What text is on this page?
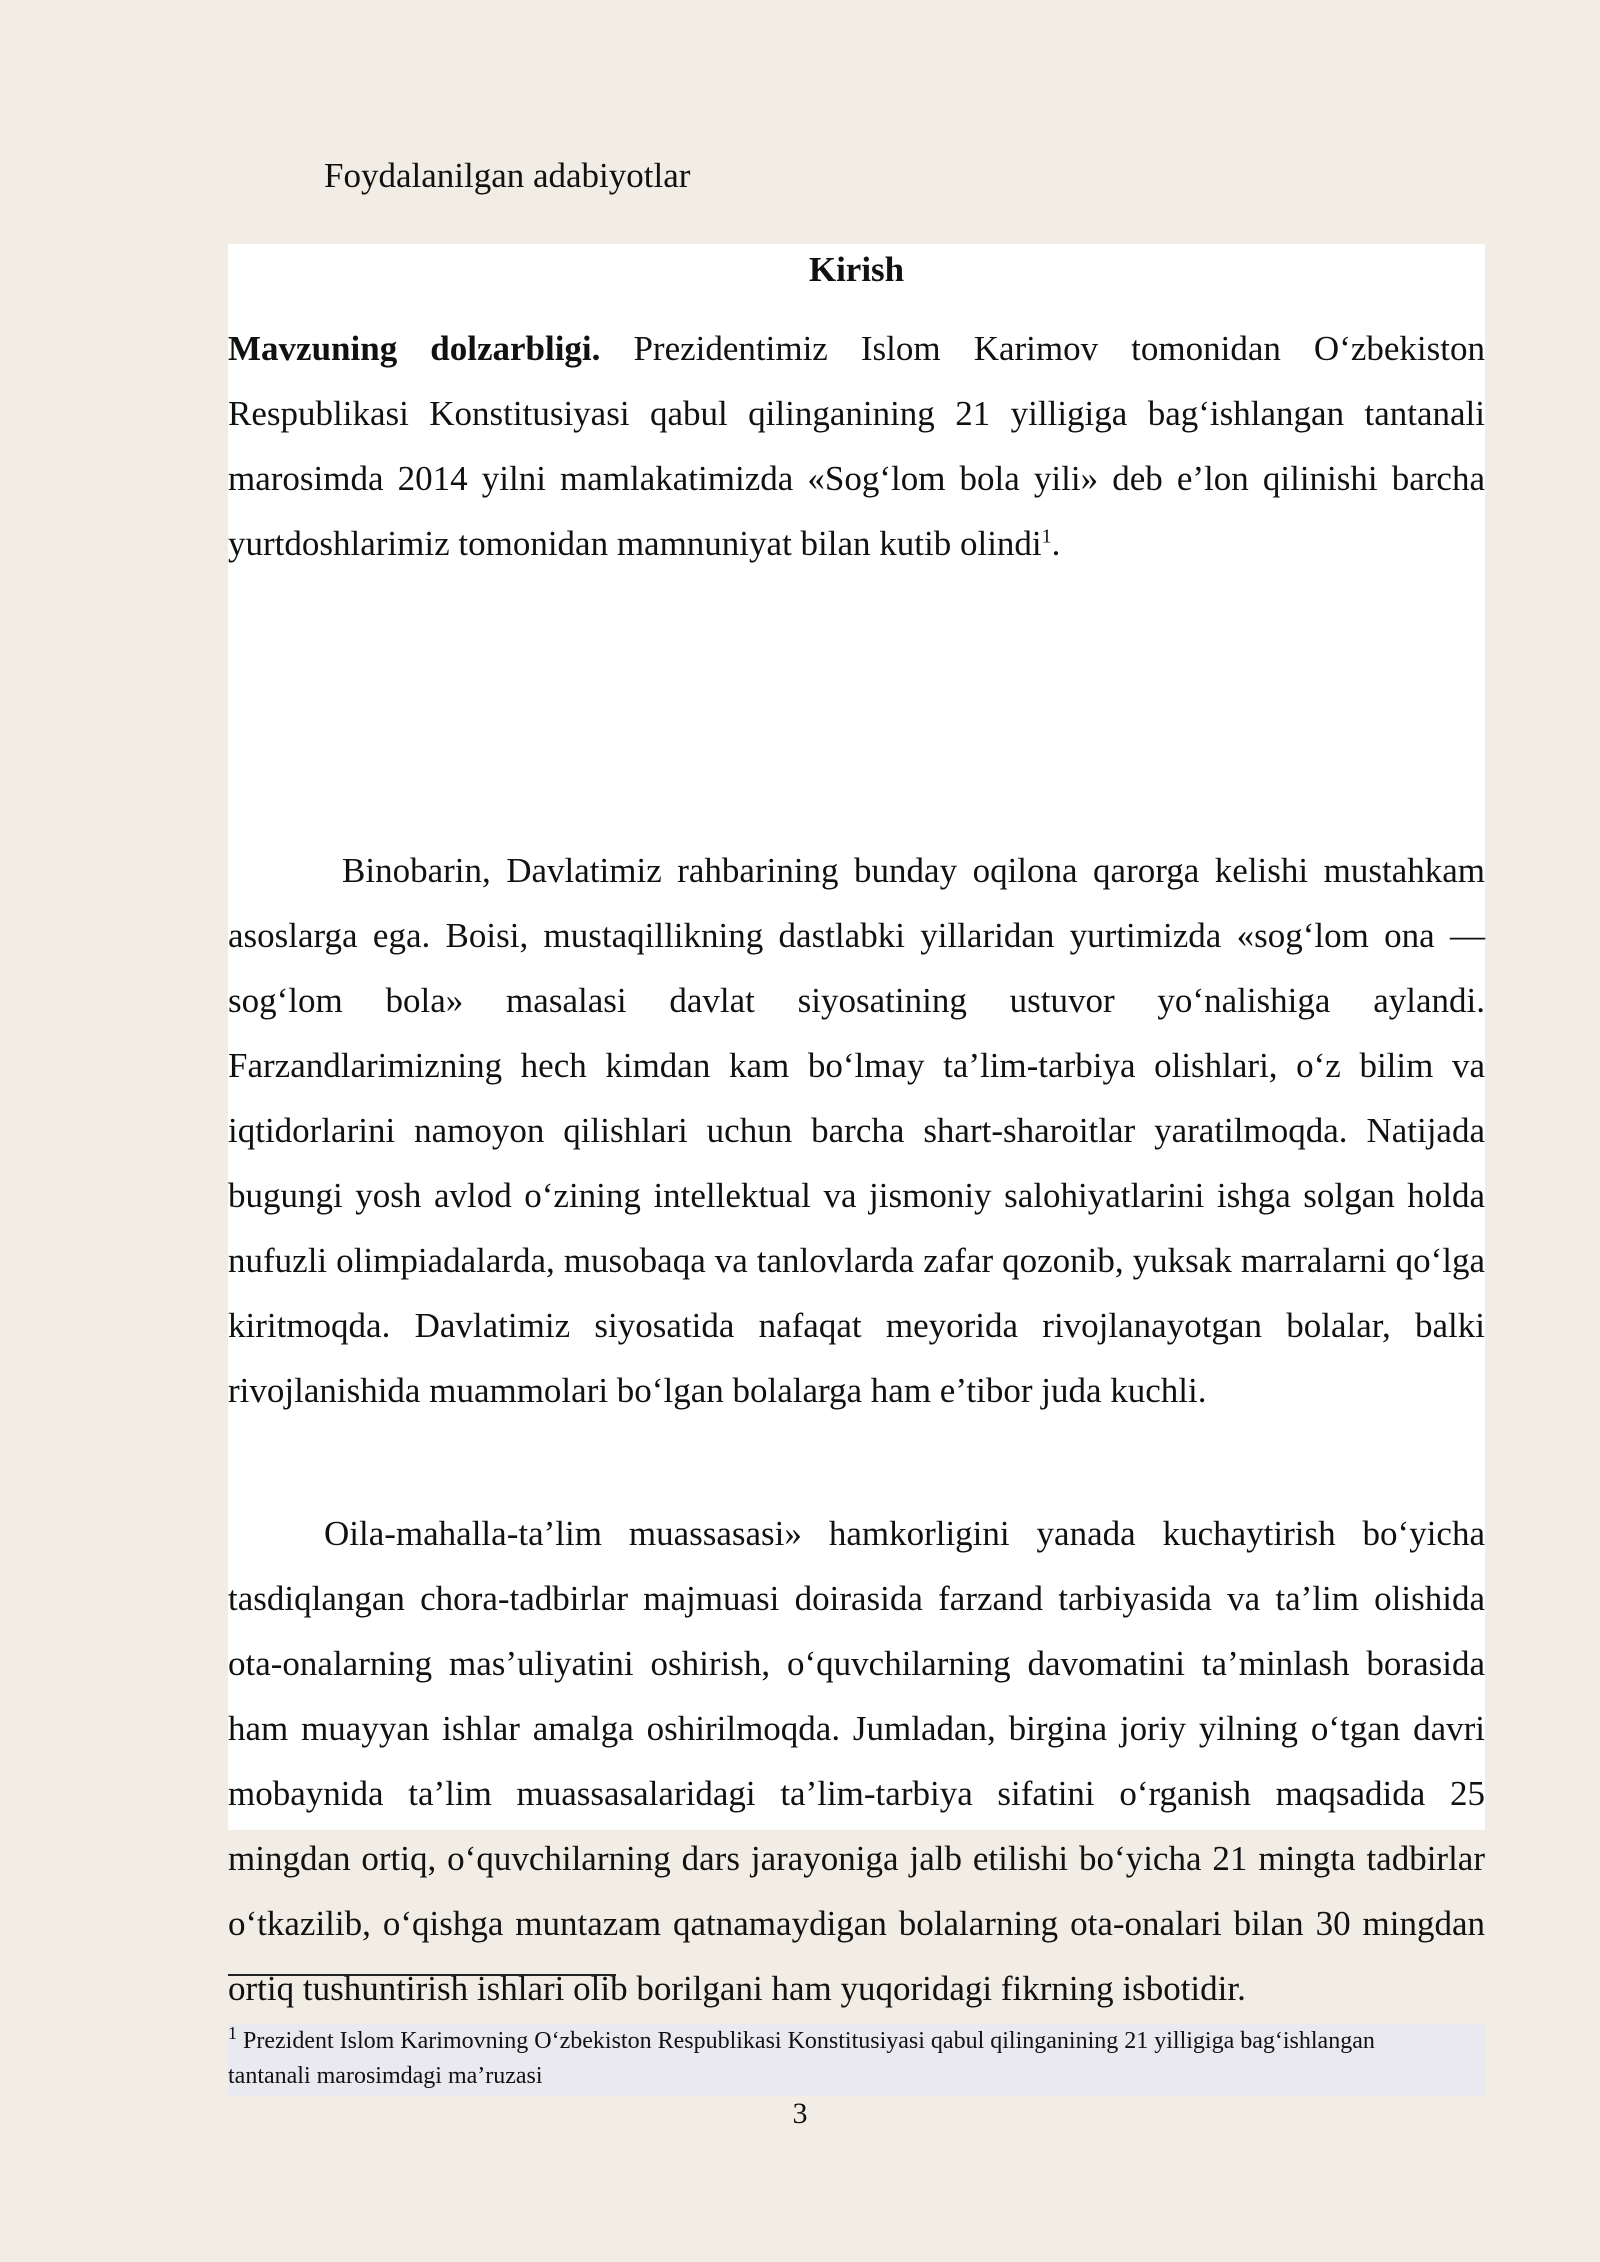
Foydalanilgan adabiyotlar
Kirish

Mavzuning dolzarbligi. Prezidentimiz Islom Karimov tomonidan O‘zbekiston Respublikasi Konstitusiyasi qabul qilinganining 21 yilligiga bag‘ishlangan tantanali marosimda 2014 yilni mamlakatimizda «Sog‘lom bola yili» deb e’lon qilinishi barcha yurtdoshlarimiz tomonidan mamnuniyat bilan kutib olindi$^1$.

Binobarin, Davlatimiz rahbarining bunday oqilona qarorga kelishi mustahkam asoslarga ega. Boisi, mustaqillikning dastlabki yillaridan yurtimizda «sog‘lom ona — sog‘lom bola» masalasi davlat siyosatining ustuvor yo‘nalishiga aylandi. Farzandlarimizning hech kimdan kam bo‘lmay ta’lim-tarbiya olishlari, o‘z bilim va iqtidorlarini namoyon qilishlari uchun barcha shart-sharoitlar yaratilmoqda. Natijada bugungi yosh avlod o‘zining intellektual va jismoniy salohiyatlarini ishga solgan holda nufuzli olimpiadalarda, musobaqa va tanlovlarda zafar qozonib, yuksak marralarni qo‘lga kiritmoqda. Davlatimiz siyosatida nafaqat meyorida rivojlanayotgan bolalar, balki rivojlanishida muammolari bo‘lgan bolalarga ham e’tibor juda kuchli.

Oila-mahalla-ta’lim muassasasi» hamkorligini yanada kuchaytirish bo‘yicha tasdiqlangan chora-tadbirlar majmuasi doirasida farzand tarbiyasida va ta’lim olishida ota-onalarning mas’uliyatini oshirish, o‘quvchilarning davomatini ta’minlash borasida ham muayyan ishlar amalga oshirilmoqda. Jumladan, birgina joriy yilning o‘tgan davri mobaynida ta’lim muassasalaridagi ta’lim-tarbiya sifatini o‘rganish maqsadida 25 mingdan ortiq, o‘quvchilarning dars jarayoniga jalb etilishi bo‘yicha 21 mingta tadbirlar o‘tkazilib, o‘qishga muntazam qatnamaydigan bolalarning ota-onalari bilan 30 mingdan ortiq tushuntirish ishlari olib borilgani ham yuqoridagi fikrning isbotidir.

$^1$ Prezident Islom Karimovning O‘zbekiston Respublikasi Konstitusiyasi qabul qilinganining 21 yilligiga bag‘ishlangan tantanali marosimdagi ma’ruzasi
3
